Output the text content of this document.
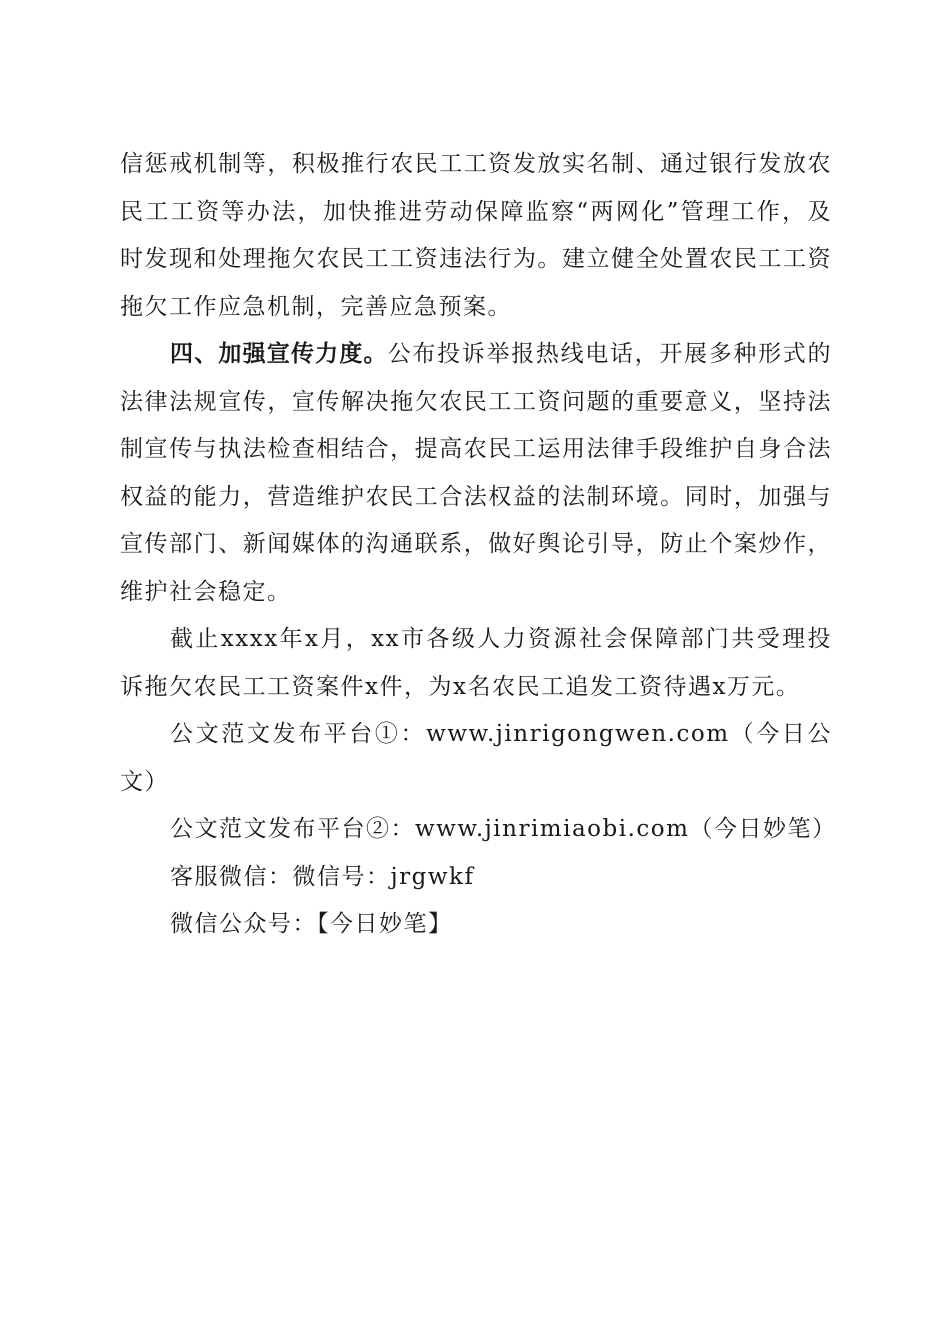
信惩戒机制等，积极推行农民工工资发放实名制、通过银行发放农民工工资等办法，加快推进劳动保障监察“两网化”管理工作，及时发现和处理拖欠农民工工资违法行为。建立健全处置农民工工资拖欠工作应急机制，完善应急预案。

四、加强宣传力度。公布投诉举报热线电话，开展多种形式的法律法规宣传，宣传解决拖欠农民工工资问题的重要意义，坚持法制宣传与执法检查相结合，提高农民工运用法律手段维护自身合法权益的能力，营造维护农民工合法权益的法制环境。同时，加强与宣传部门、新闻媒体的沟通联系，做好舆论引导，防止个案炒作，维护社会稳定。

截止xxxx年x月，xx市各级人力资源社会保障部门共受理投诉拖欠农民工工资案件x件，为x名农民工追发工资待遇x万元。

公文范文发布平台①：www.jinrigongwen.com（今日公文）

公文范文发布平台②：www.jinrimiaobi.com（今日妙笔）

客服微信：微信号：jrgwkf

微信公众号：【今日妙笔】
